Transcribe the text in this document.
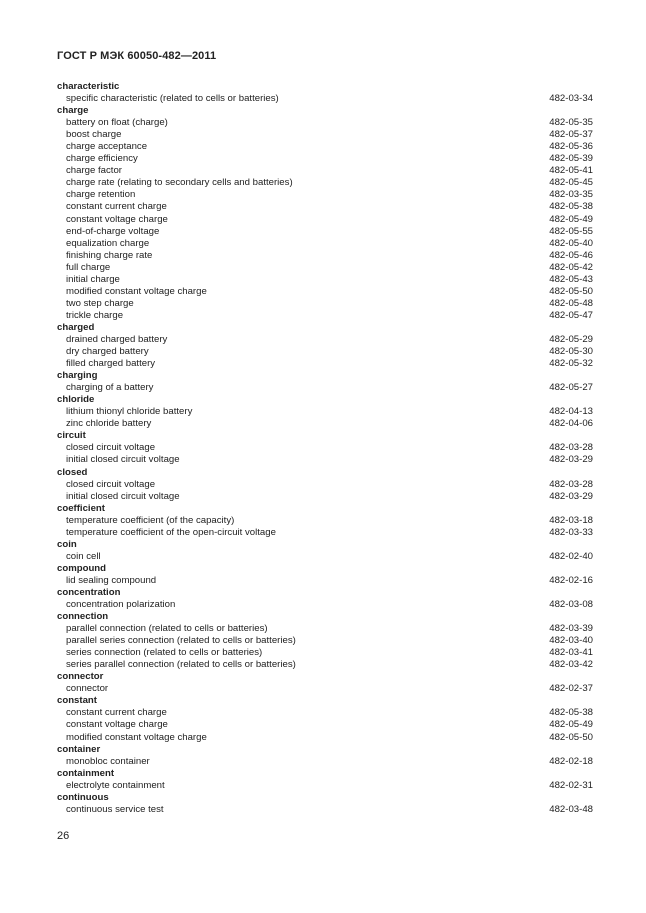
ГОСТ Р МЭК 60050-482—2011
characteristic
specific characteristic (related to cells or batteries)	482-03-34
charge
battery on float (charge)	482-05-35
boost charge	482-05-37
charge acceptance	482-05-36
charge efficiency	482-05-39
charge factor	482-05-41
charge rate (relating to secondary cells and batteries)	482-05-45
charge retention	482-03-35
constant current charge	482-05-38
constant voltage charge	482-05-49
end-of-charge voltage	482-05-55
equalization charge	482-05-40
finishing charge rate	482-05-46
full charge	482-05-42
initial charge	482-05-43
modified constant voltage charge	482-05-50
two step charge	482-05-48
trickle charge	482-05-47
charged
drained charged battery	482-05-29
dry charged battery	482-05-30
filled charged battery	482-05-32
charging
charging of a battery	482-05-27
chloride
lithium thionyl chloride battery	482-04-13
zinc chloride battery	482-04-06
circuit
closed circuit voltage	482-03-28
initial closed circuit voltage	482-03-29
closed
closed circuit voltage	482-03-28
initial closed circuit voltage	482-03-29
coefficient
temperature coefficient (of the capacity)	482-03-18
temperature coefficient of the open-circuit voltage	482-03-33
coin
coin cell	482-02-40
compound
lid sealing compound	482-02-16
concentration
concentration polarization	482-03-08
connection
parallel connection (related to cells or batteries)	482-03-39
parallel series connection (related to cells or batteries)	482-03-40
series connection (related to cells or batteries)	482-03-41
series parallel connection (related to cells or batteries)	482-03-42
connector
connector	482-02-37
constant
constant current charge	482-05-38
constant voltage charge	482-05-49
modified constant voltage charge	482-05-50
container
monobloc container	482-02-18
containment
electrolyte containment	482-02-31
continuous
continuous service test	482-03-48
26
